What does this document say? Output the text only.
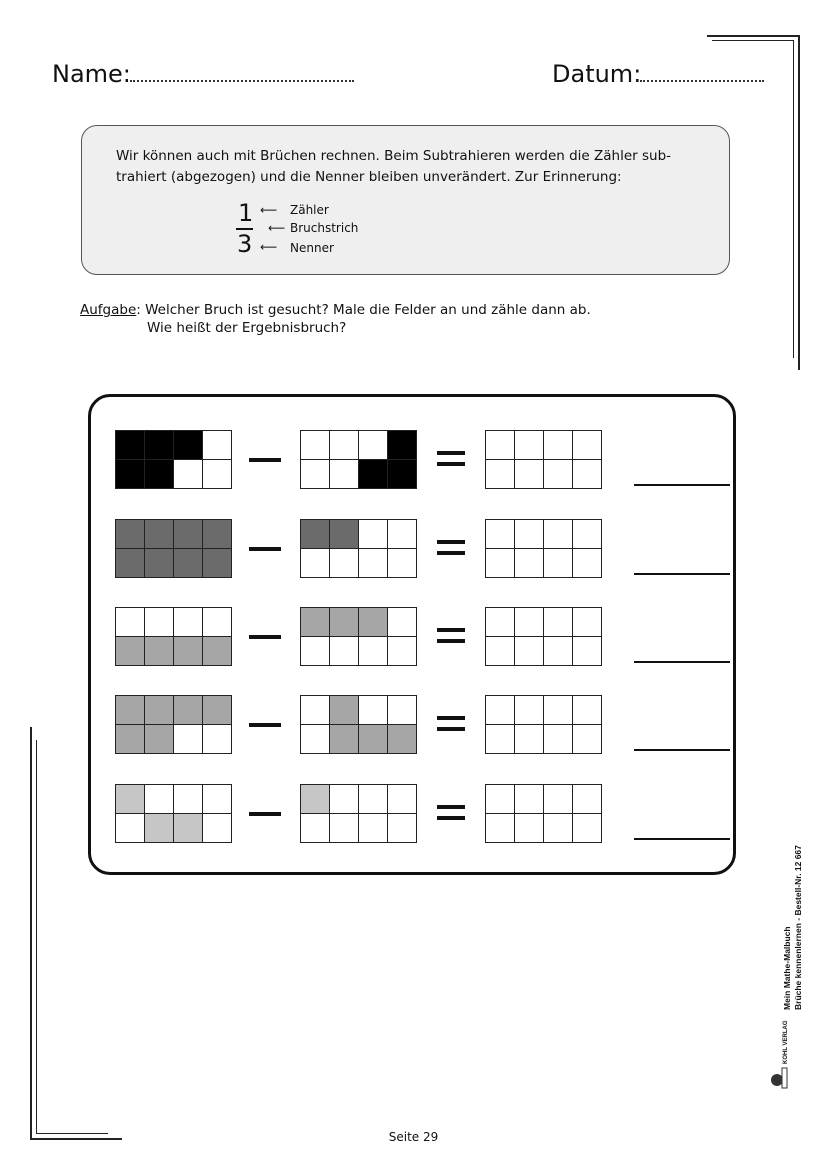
Name:	Datum:
Wir können auch mit Brüchen rechnen. Beim Subtrahieren werden die Zähler sub-
trahiert (abgezogen) und die Nenner bleiben unverändert. Zur Erinnerung:
1
3
⟵ Zähler
⟵ Bruchstrich
⟵ Nenner
Aufgabe: Welcher Bruch ist gesucht? Male die Felder an und zähle dann ab.
Wie heißt der Ergebnisbruch?
Mein Mathe-Malbuch Brüche kennenlernen - Bestell-Nr. 12 667
KOHL VERLAG
Seite 29
